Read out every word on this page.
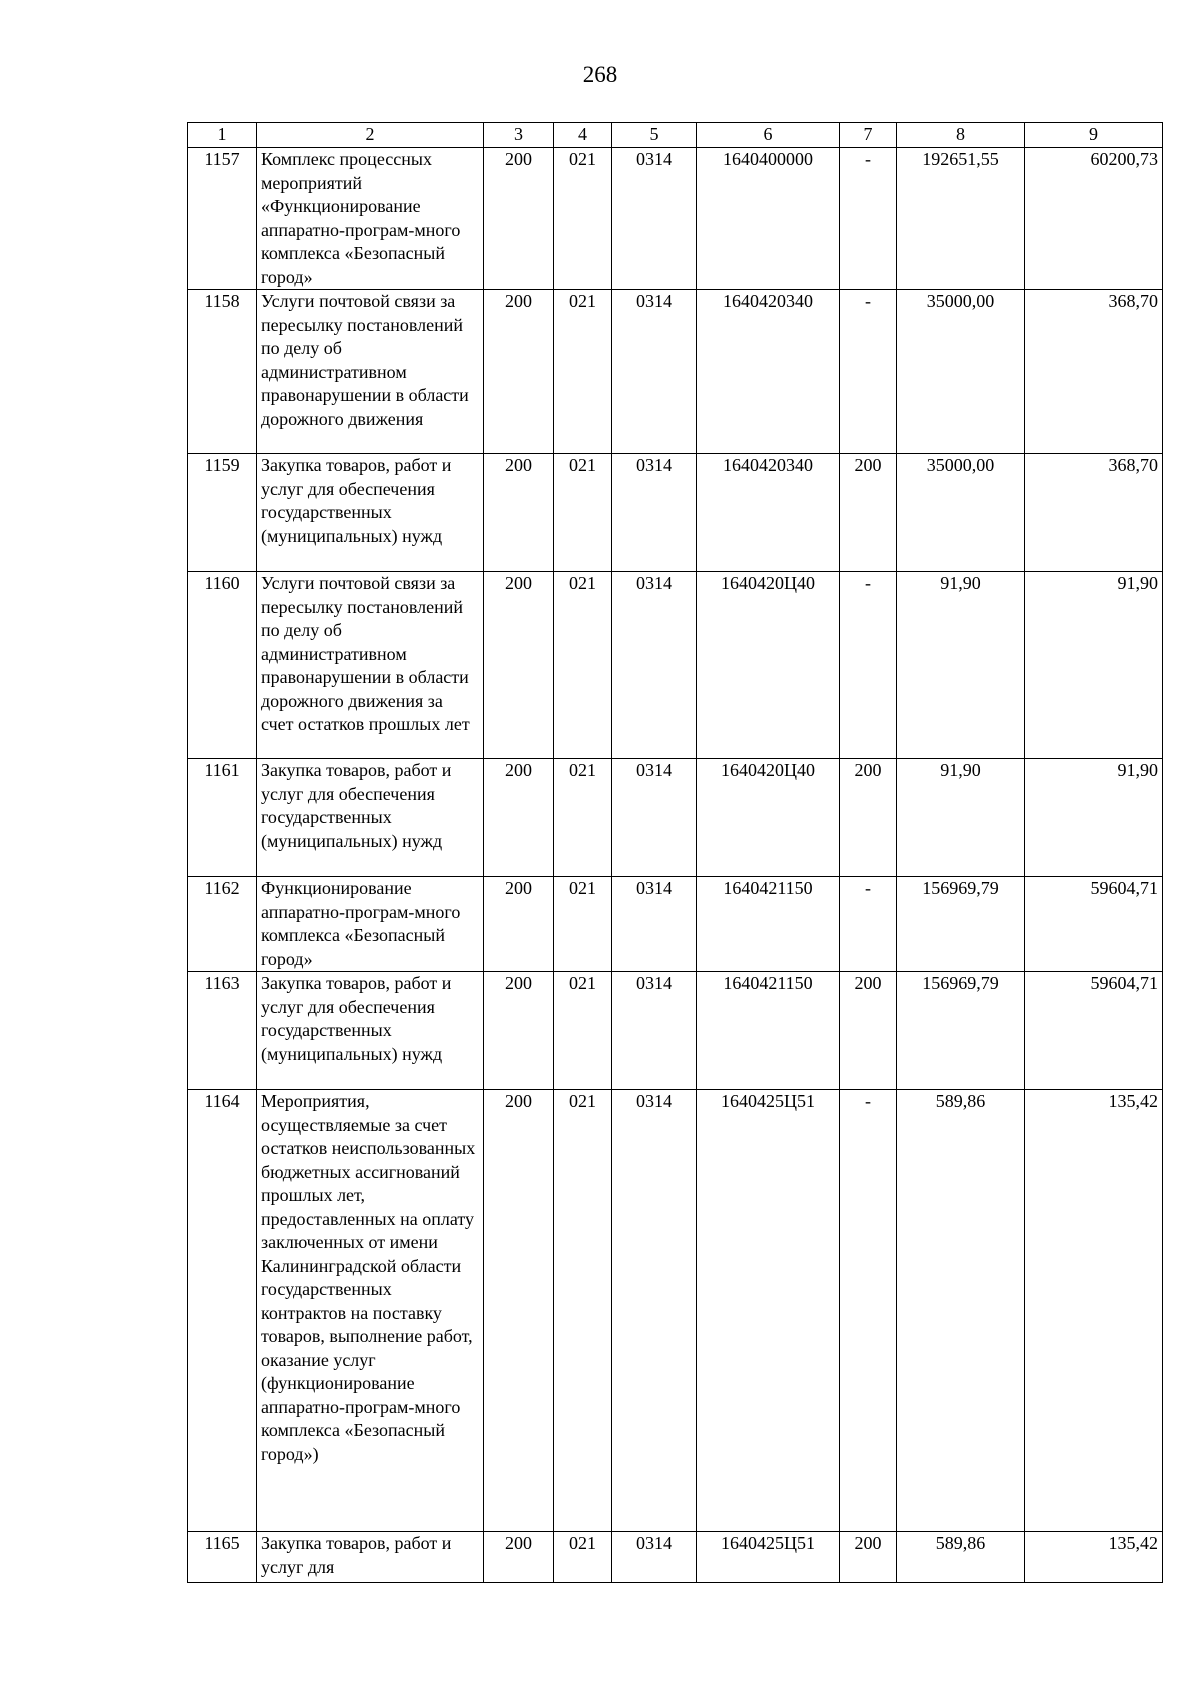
268
1	2	3	4	5	6	7	8	9
1157	Комплекс процессных мероприятий «Функционирование аппаратно-програм-много комплекса «Безопасный город»	200	021	0314	1640400000	-	192651,55	60200,73
1158	Услуги почтовой связи за пересылку постановлений по делу об административном правонарушении в области дорожного движения	200	021	0314	1640420340	-	35000,00	368,70
1159	Закупка товаров, работ и услуг для обеспечения государственных (муниципальных) нужд	200	021	0314	1640420340	200	35000,00	368,70
1160	Услуги почтовой связи за пересылку постановлений по делу об административном правонарушении в области дорожного движения за счет остатков прошлых лет	200	021	0314	1640420Ц40	-	91,90	91,90
1161	Закупка товаров, работ и услуг для обеспечения государственных (муниципальных) нужд	200	021	0314	1640420Ц40	200	91,90	91,90
1162	Функционирование аппаратно-програм-много комплекса «Безопасный город»	200	021	0314	1640421150	-	156969,79	59604,71
1163	Закупка товаров, работ и услуг для обеспечения государственных (муниципальных) нужд	200	021	0314	1640421150	200	156969,79	59604,71
1164	Мероприятия, осуществляемые за счет остатков неиспользованных бюджетных ассигнований прошлых лет, предоставленных на оплату заключенных от имени Калининградской области государственных контрактов на поставку товаров, выполнение работ, оказание услуг (функционирование аппаратно-програм-много комплекса «Безопасный город»)	200	021	0314	1640425Ц51	-	589,86	135,42
1165	Закупка товаров, работ и услуг для	200	021	0314	1640425Ц51	200	589,86	135,42
